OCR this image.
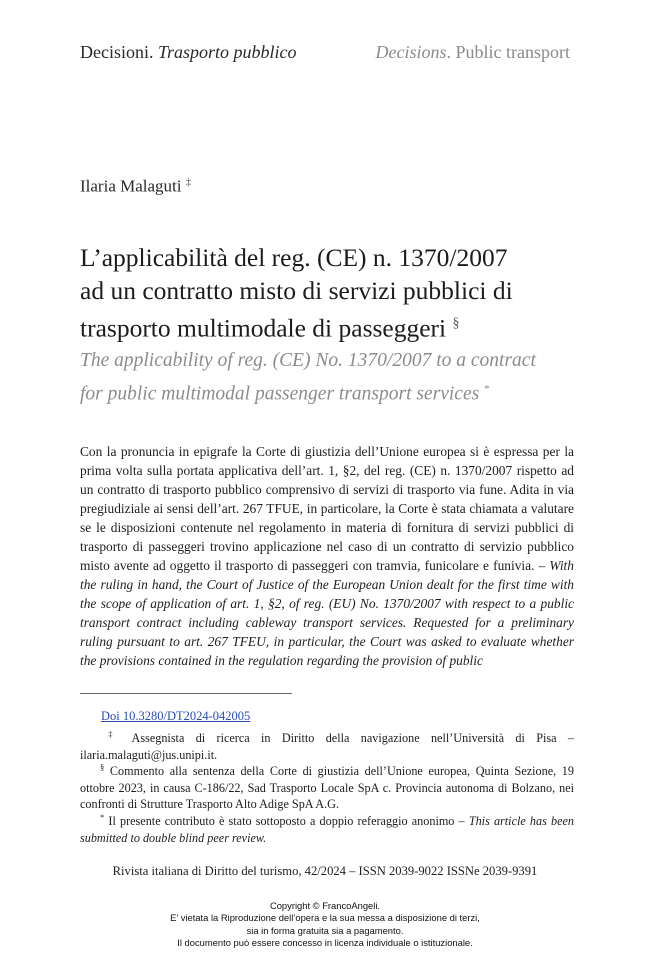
Decisioni. Trasporto pubblico	Decisions. Public transport
Ilaria Malaguti ‡
L’applicabilità del reg. (CE) n. 1370/2007
ad un contratto misto di servizi pubblici di
trasporto multimodale di passeggeri §
The applicability of reg. (CE) No. 1370/2007 to a contract
for public multimodal passenger transport services *
Con la pronuncia in epigrafe la Corte di giustizia dell’Unione europea si è espressa per la prima volta sulla portata applicativa dell’art. 1, §2, del reg. (CE) n. 1370/2007 rispetto ad un contratto di trasporto pubblico comprensivo di servizi di trasporto via fune. Adita in via pregiudiziale ai sensi dell’art. 267 TFUE, in particolare, la Corte è stata chiamata a valutare se le disposizioni contenute nel regolamento in materia di fornitura di servizi pubblici di trasporto di passeggeri trovino applicazione nel caso di un contratto di servizio pubblico misto avente ad oggetto il trasporto di passeggeri con tramvia, funicolare e funivia. – With the ruling in hand, the Court of Justice of the European Union dealt for the first time with the scope of application of art. 1, §2, of reg. (EU) No. 1370/2007 with respect to a public transport contract including cableway transport services. Requested for a preliminary ruling pursuant to art. 267 TFEU, in particular, the Court was asked to evaluate whether the provisions contained in the regulation regarding the provision of public
Doi 10.3280/DT2024-042005
‡ Assegnista di ricerca in Diritto della navigazione nell’Università di Pisa – ilaria.malaguti@jus.unipi.it.
§ Commento alla sentenza della Corte di giustizia dell’Unione europea, Quinta Sezione, 19 ottobre 2023, in causa C-186/22, Sad Trasporto Locale SpA c. Provincia autonoma di Bolzano, nei confronti di Strutture Trasporto Alto Adige SpA A.G.
* Il presente contributo è stato sottoposto a doppio referaggio anonimo – This article has been submitted to double blind peer review.
Rivista italiana di Diritto del turismo, 42/2024 – ISSN 2039-9022 ISSNe 2039-9391
Copyright © FrancoAngeli.
E’ vietata la Riproduzione dell’opera e la sua messa a disposizione di terzi,
sia in forma gratuita sia a pagamento.
Il documento può essere concesso in licenza individuale o istituzionale.
